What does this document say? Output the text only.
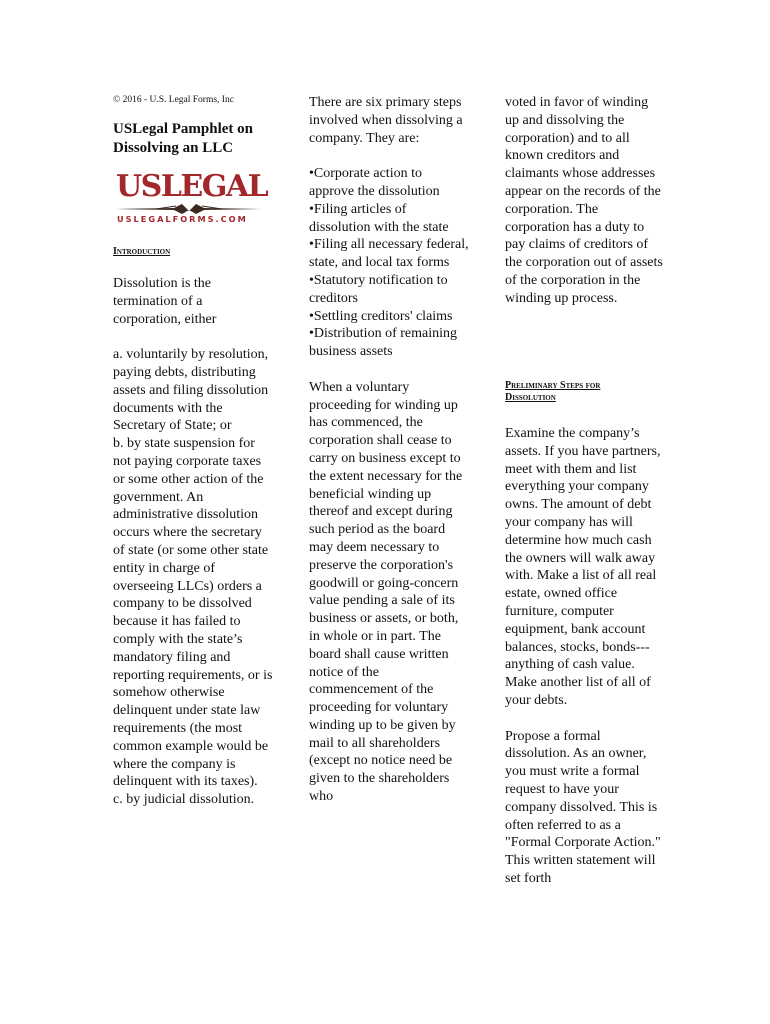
© 2016 - U.S. Legal Forms, Inc
USLegal Pamphlet on
Dissolving an LLC
USLEGAL
USLEGALFORMS.COM
Introduction

Dissolution is the termination of a corporation, either

a. voluntarily by resolution, paying debts, distributing assets and filing dissolution documents with the Secretary of State; or

b. by state suspension for not paying corporate taxes or some other action of the government. An administrative dissolution occurs where the secretary of state (or some other state entity in charge of overseeing LLCs) orders a company to be dissolved because it has failed to comply with the state’s mandatory filing and reporting requirements, or is somehow otherwise delinquent under state law requirements (the most common example would be where the company is delinquent with its taxes).

c. by judicial dissolution.

There are six primary steps involved when dissolving a company. They are:

•Corporate action to approve the dissolution

•Filing articles of dissolution with the state

•Filing all necessary federal, state, and local tax forms

•Statutory notification to creditors

•Settling creditors' claims

•Distribution of remaining business assets

When a voluntary proceeding for winding up has commenced, the corporation shall cease to carry on business except to the extent necessary for the beneficial winding up thereof and except during such period as the board may deem necessary to preserve the corporation's goodwill or going-concern value pending a sale of its business or assets, or both, in whole or in part. The board shall cause written notice of the commencement of the proceeding for voluntary winding up to be given by mail to all shareholders (except no notice need be given to the shareholders who

voted in favor of winding up and dissolving the corporation) and to all known creditors and claimants whose addresses appear on the records of the corporation. The corporation has a duty to pay claims of creditors of the corporation out of assets of the corporation in the winding up process.

Preliminary Steps for
Dissolution

Examine the company’s assets. If you have partners, meet with them and list everything your company owns. The amount of debt your company has will determine how much cash the owners will walk away with. Make a list of all real estate, owned office furniture, computer equipment, bank account balances, stocks, bonds---anything of cash value. Make another list of all of your debts.

Propose a formal dissolution. As an owner, you must write a formal request to have your company dissolved. This is often referred to as a "Formal Corporate Action." This written statement will set forth
